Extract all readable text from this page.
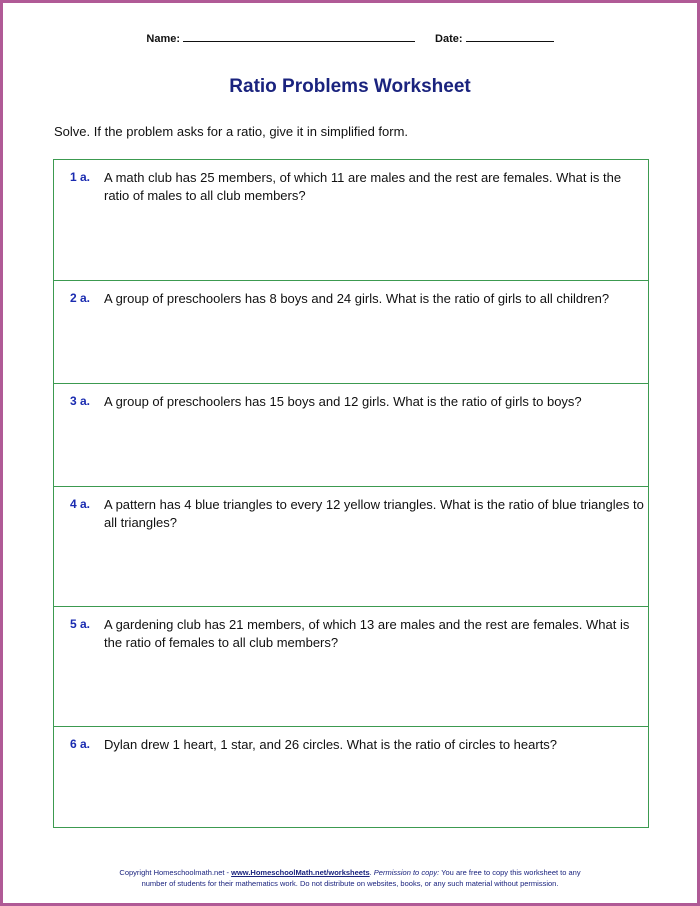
Name:	Date:
Ratio Problems Worksheet
Solve. If the problem asks for a ratio, give it in simplified form.
1 a. A math club has 25 members, of which 11 are males and the rest are females. What is the ratio of males to all club members?
2 a. A group of preschoolers has 8 boys and 24 girls. What is the ratio of girls to all children?
3 a. A group of preschoolers has 15 boys and 12 girls. What is the ratio of girls to boys?
4 a. A pattern has 4 blue triangles to every 12 yellow triangles. What is the ratio of blue triangles to all triangles?
5 a. A gardening club has 21 members, of which 13 are males and the rest are females. What is the ratio of females to all club members?
6 a. Dylan drew 1 heart, 1 star, and 26 circles. What is the ratio of circles to hearts?
Copyright Homeschoolmath.net - www.HomeschoolMath.net/worksheets. Permission to copy: You are free to copy this worksheet to any
number of students for their mathematics work. Do not distribute on websites, books, or any such material without permission.
